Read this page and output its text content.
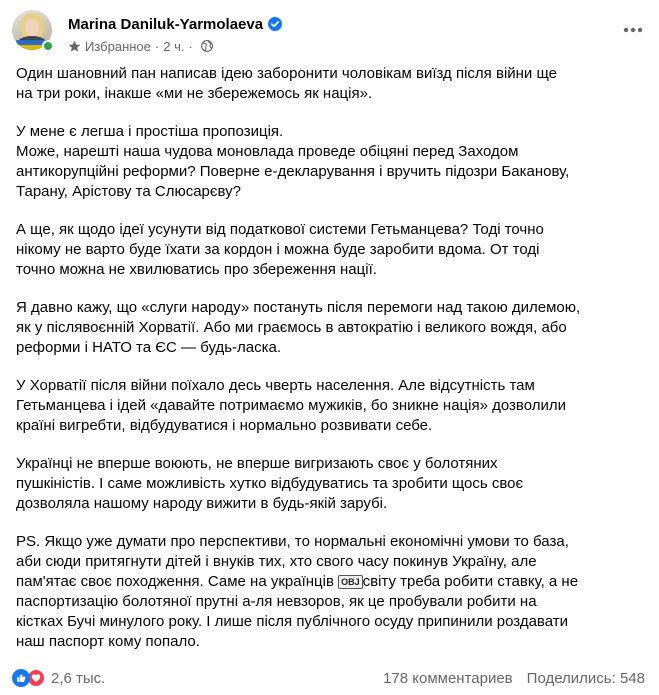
Marina Daniluk-Yarmolaeva
Избранное · 2 ч. ·

Один шановний пан написав ідею заборонити чоловікам виїзд після війни ще
на три роки, інакше «ми не збережемось як нація».

У мене є легша і простіша пропозиція.
Може, нарешті наша чудова моновлада проведе обіцяні перед Заходом
антикорупційні реформи? Поверне е-декларування і вручить підозри Баканову,
Тарану, Арістову та Слюсарєву?

А ще, як щодо ідеї усунути від податкової системи Гетьманцева? Тоді точно
нікому не варто буде їхати за кордон і можна буде заробити вдома. От тоді
точно можна не хвилюватись про збереження нації.

Я давно кажу, що «слуги народу» постануть після перемоги над такою дилемою,
як у післявоєнній Хорватії. Або ми граємось в автократію і великого вождя, або
реформи і НАТО та ЄС — будь-ласка.

У Хорватії після війни поїхало десь чверть населення. Але відсутність там
Гетьманцева і ідей «давайте потримаємо мужиків, бо зникне нація» дозволили
країні вигребти, відбудуватися і нормально розвивати себе.

Українці не вперше воюють, не вперше вигризають своє у болотяних
пушкіністів. І саме можливість хутко відбудуватись та зробити щось своє
дозволяла нашому народу вижити в будь-якій зарубі.

PS. Якщо уже думати про перспективи, то нормальні економічні умови то база,
аби сюди притягнути дітей і внуків тих, хто свого часу покинув Україну, але
пам'ятає своє походження. Саме на українців OBJ світу треба робити ставку, а не
паспортизацію болотяної прутні а-ля невзоров, як це пробували робити на
кістках Бучі минулого року. І лише після публічного осуду припинили роздавати
наш паспорт кому попало.

2,6 тыс.	178 комментариев Поделились: 548
